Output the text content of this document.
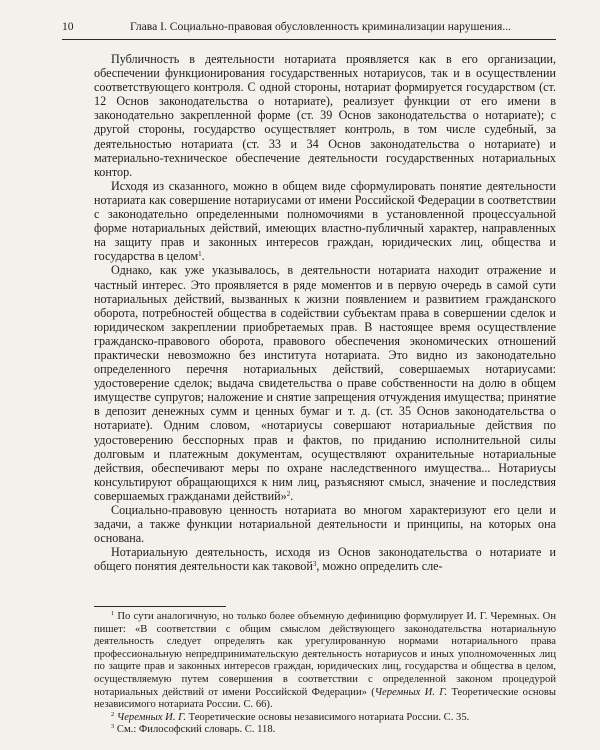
10	Глава I. Социально-правовая обусловленность криминализации нарушения...

Публичность в деятельности нотариата проявляется как в его организации, обеспечении функционирования государственных нотариусов, так и в осуществлении соответствующего контроля. С одной стороны, нотариат формируется государством (ст. 12 Основ законодательства о нотариате), реализует функции от его имени в законодательно закрепленной форме (ст. 39 Основ законодательства о нотариате); с другой стороны, государство осуществляет контроль, в том числе судебный, за деятельностью нотариата (ст. 33 и 34 Основ законодательства о нотариате) и материально-техническое обеспечение деятельности государственных нотариальных контор.

Исходя из сказанного, можно в общем виде сформулировать понятие деятельности нотариата как совершение нотариусами от имени Российской Федерации в соответствии с законодательно определенными полномочиями в установленной процессуальной форме нотариальных действий, имеющих властно-публичный характер, направленных на защиту прав и законных интересов граждан, юридических лиц, общества и государства в целом$^1$.

Однако, как уже указывалось, в деятельности нотариата находит отражение и частный интерес. Это проявляется в ряде моментов и в первую очередь в самой сути нотариальных действий, вызванных к жизни появлением и развитием гражданского оборота, потребностей общества в содействии субъектам права в совершении сделок и юридическом закреплении приобретаемых прав. В настоящее время осуществление гражданско-правового оборота, правового обеспечения экономических отношений практически невозможно без института нотариата. Это видно из законодательно определенного перечня нотариальных действий, совершаемых нотариусами: удостоверение сделок; выдача свидетельства о праве собственности на долю в общем имуществе супругов; наложение и снятие запрещения отчуждения имущества; принятие в депозит денежных сумм и ценных бумаг и т. д. (ст. 35 Основ законодательства о нотариате). Одним словом, «нотариусы совершают нотариальные действия по удостоверению бесспорных прав и фактов, по приданию исполнительной силы долговым и платежным документам, осуществляют охранительные нотариальные действия, обеспечивают меры по охране наследственного имущества... Нотариусы консультируют обращающихся к ним лиц, разъясняют смысл, значение и последствия совершаемых гражданами действий»$^2$.

Социально-правовую ценность нотариата во многом характеризуют его цели и задачи, а также функции нотариальной деятельности и принципы, на которых она основана.

Нотариальную деятельность, исходя из Основ законодательства о нотариате и общего понятия деятельности как таковой$^3$, можно определить сле-

$^1$ По сути аналогичную, но только более объемную дефиницию формулирует И. Г. Черемных. Он пишет: «В соответствии с общим смыслом действующего законодательства нотариальную деятельность следует определять как урегулированную нормами нотариального права профессиональную непредпринимательскую деятельность нотариусов и иных уполномоченных лиц по защите прав и законных интересов граждан, юридических лиц, государства и общества в целом, осуществляемую путем совершения в соответствии с определенной законом процедурой нотариальных действий от имени Российской Федерации» (Черемных И. Г. Теоретические основы независимого нотариата России. С. 66).

$^2$ Черемных И. Г. Теоретические основы независимого нотариата России. С. 35.

$^3$ См.: Философский словарь. С. 118.
